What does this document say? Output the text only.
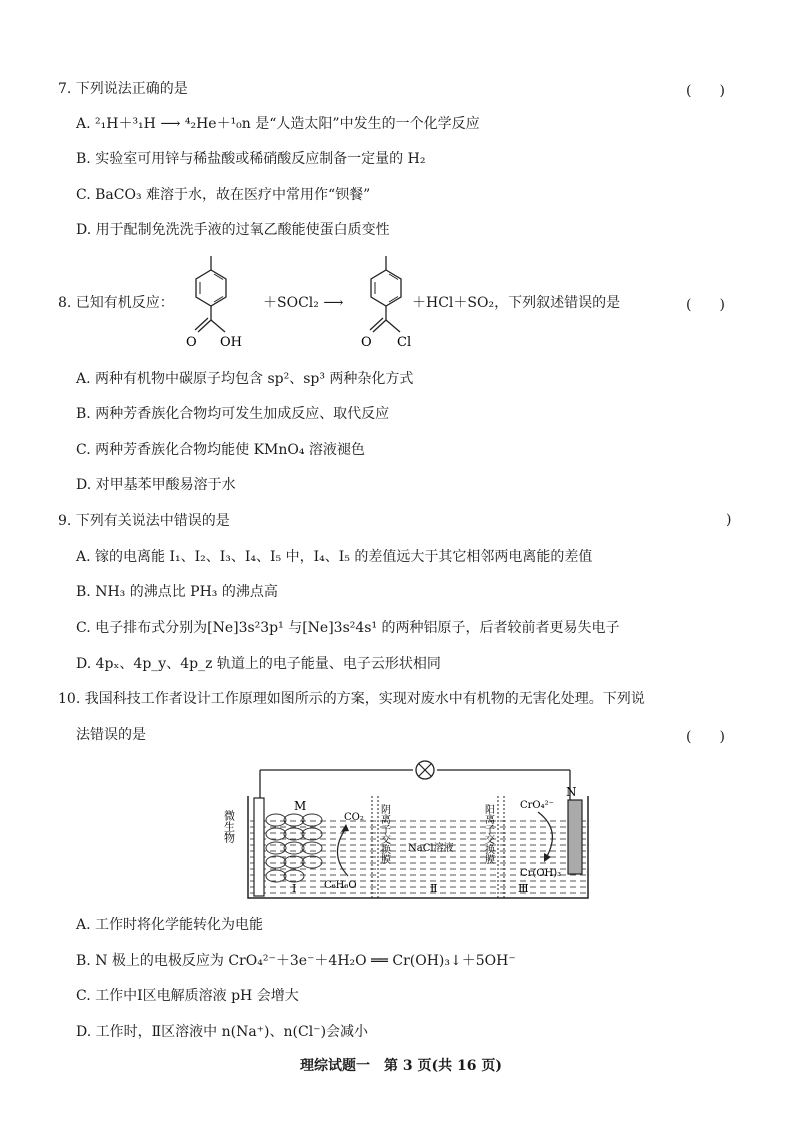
7. 下列说法正确的是	(　　)
A. ²₁H＋³₁H ⟶ ⁴₂He＋¹₀n 是“人造太阳”中发生的一个化学反应
B. 实验室可用锌与稀盐酸或稀硝酸反应制备一定量的 H₂
C. BaCO₃ 难溶于水，故在医疗中常用作“钡餐”
D. 用于配制免洗洗手液的过氧乙酸能使蛋白质变性
8. 已知有机反应：
O OH
＋SOCl₂ ⟶
O Cl
＋HCl＋SO₂，下列叙述错误的是	(　　)
A. 两种有机物中碳原子均包含 sp²、sp³ 两种杂化方式
B. 两种芳香族化合物均可发生加成反应、取代反应
C. 两种芳香族化合物均能使 KMnO₄ 溶液褪色
D. 对甲基苯甲酸易溶于水
9. 下列有关说法中错误的是	)
A. 镓的电离能 I₁、I₂、I₃、I₄、I₅ 中，I₄、I₅ 的差值远大于其它相邻两电离能的差值
B. NH₃ 的沸点比 PH₃ 的沸点高
C. 电子排布式分别为[Ne]3s²3p¹ 与[Ne]3s²4s¹ 的两种铝原子，后者较前者更易失电子
D. 4pₓ、4p_y、4p_z 轨道上的电子能量、电子云形状相同
10. 我国科技工作者设计工作原理如图所示的方案，实现对废水中有机物的无害化处理。下列说
法错误的是	(　　)
微生物
M
N
CO₂
C₆H₆O
阴离子交换膜	阳离子交换膜
NaCl溶液
CrO₄²⁻
Cr(OH)₃
Ⅰ	Ⅱ	Ⅲ
A. 工作时将化学能转化为电能
B. N 极上的电极反应为 CrO₄²⁻＋3e⁻＋4H₂O ══ Cr(OH)₃↓＋5OH⁻
C. 工作中Ⅰ区电解质溶液 pH 会增大
D. 工作时，Ⅱ区溶液中 n(Na⁺)、n(Cl⁻)会减小
理综试题一　第 3 页(共 16 页)
